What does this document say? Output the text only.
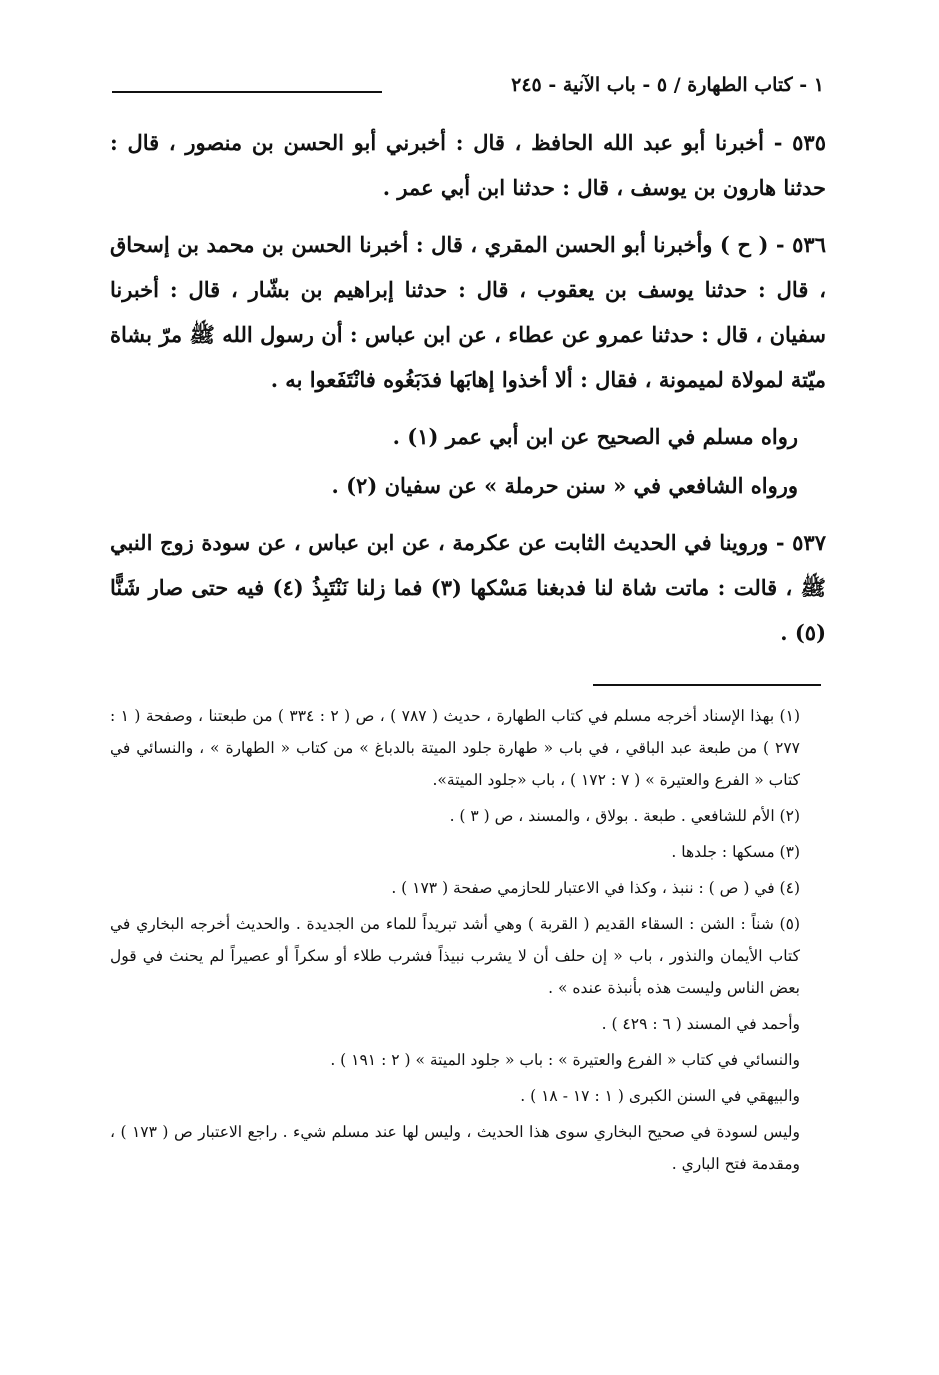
١ - كتاب الطهارة / ٥ - باب الآنية - ٢٤٥

٥٣٥ - أخبرنا أبو عبد الله الحافظ ، قال : أخبرني أبو الحسن بن منصور ، قال : حدثنا هارون بن يوسف ، قال : حدثنا ابن أبي عمر .

٥٣٦ - ( ح ) وأخبرنا أبو الحسن المقري ، قال : أخبرنا الحسن بن محمد بن إسحاق ، قال : حدثنا يوسف بن يعقوب ، قال : حدثنا إبراهيم بن بشّار ، قال : أخبرنا سفيان ، قال : حدثنا عمرو عن عطاء ، عن ابن عباس : أن رسول الله ﷺ مرّ بشاة ميّتة لمولاة لميمونة ، فقال : ألا أخذوا إهابَها فدَبَغُوه فانْتَفَعوا به .

رواه مسلم في الصحيح عن ابن أبي عمر (١) .

ورواه الشافعي في « سنن حرملة » عن سفيان (٢) .

٥٣٧ - وروينا في الحديث الثابت عن عكرمة ، عن ابن عباس ، عن سودة زوج النبي ﷺ ، قالت : ماتت شاة لنا فدبغنا مَسْكها (٣) فما زلنا نَنْتَبِذُ (٤) فيه حتى صار شَنًّا (٥) .

(١) بهذا الإسناد أخرجه مسلم في كتاب الطهارة ، حديث ( ٧٨٧ ) ، ص ( ٢ : ٣٣٤ ) من طبعتنا ، وصفحة ( ١ : ٢٧٧ ) من طبعة عبد الباقي ، في باب « طهارة جلود الميتة بالدباغ » من كتاب « الطهارة » ، والنسائي في كتاب « الفرع والعتيرة » ( ٧ : ١٧٢ ) ، باب «جلود الميتة».

(٢) الأم للشافعي . طبعة . بولاق ، والمسند ، ص ( ٣ ) .

(٣) مسكها : جلدها .

(٤) في ( ص ) : ننبذ ، وكذا في الاعتبار للحازمي صفحة ( ١٧٣ ) .

(٥) شناً : الشن : السقاء القديم ( القربة ) وهي أشد تبريداً للماء من الجديدة . والحديث أخرجه البخاري في كتاب الأيمان والنذور ، باب « إن حلف أن لا يشرب نبيذاً فشرب طلاء أو سكراً أو عصيراً لم يحنث في قول بعض الناس وليست هذه بأنبذة عنده » .

وأحمد في المسند ( ٦ : ٤٢٩ ) .

والنسائي في كتاب « الفرع والعتيرة » : باب « جلود الميتة » ( ٢ : ١٩١ ) .

والبيهقي في السنن الكبرى ( ١ : ١٧ - ١٨ ) .

وليس لسودة في صحيح البخاري سوى هذا الحديث ، وليس لها عند مسلم شيء . راجع الاعتبار ص ( ١٧٣ ) ، ومقدمة فتح الباري .
